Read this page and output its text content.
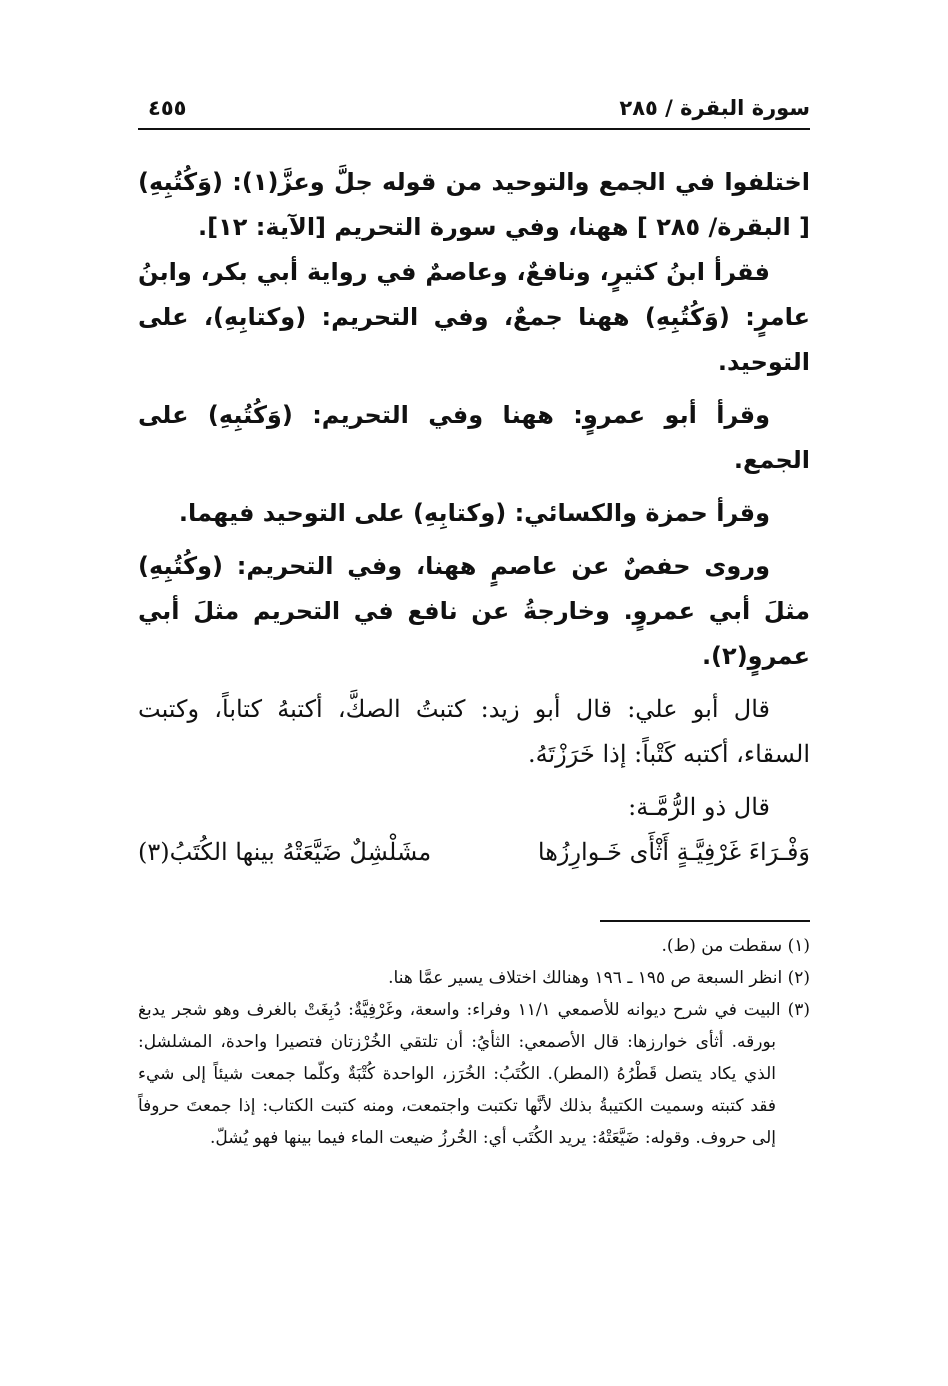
سورة البقرة / ٢٨٥
٤٥٥

اختلفوا في الجمع والتوحيد من قوله جلَّ وعزَّ(١): (وَكُتُبِهِ) [ البقرة/ ٢٨٥ ] ههنا، وفي سورة التحريم [الآية: ١٢].

فقرأ ابنُ كثيرٍ، ونافعٌ، وعاصمٌ في رواية أبي بكر، وابنُ عامرٍ: (وَكُتُبِهِ) ههنا جمعٌ، وفي التحريم: (وكتابِهِ)، على التوحيد.

وقرأ أبو عمروٍ: ههنا وفي التحريم: (وَكُتُبِهِ) على الجمع.

وقرأ حمزة والكسائي: (وكتابِهِ) على التوحيد فيهما.

وروى حفصٌ عن عاصمٍ ههنا، وفي التحريم: (وكُتُبِهِ) مثلَ أبي عمروٍ. وخارجةُ عن نافع في التحريم مثلَ أبي عمروٍ(٢).

قال أبو علي: قال أبو زيد: كتبتُ الصكَّ، أكتبهُ كتاباً، وكتبت السقاء، أكتبه كَتْباً: إذا خَرَزْتَهُ.

قال ذو الرُّمَّـة:

وَفْـرَاءَ غَرْفِيَّـةٍ أَثْأَى خَـوارِزُها
مشَلْشِلٌ ضَيَّعَتْهُ بينها الكُتَبُ(٣)

(١) سقطت من (ط).

(٢) انظر السبعة ص ١٩٥ ـ ١٩٦ وهنالك اختلاف يسير عمَّا هنا.

(٣) البيت في شرح ديوانه للأصمعي ١١/١ وفراء: واسعة، وغَرْفِيَّةٌ: دُبِغَتْ بالغرف وهو شجر يدبغ بورقه. أثأى خوارزها: قال الأصمعي: الثأيُ: أن تلتقي الخُرْزتان فتصيرا واحدة، المشلشل: الذي يكاد يتصل قَطْرُهُ (المطر). الكُتَبُ: الخُرَز، الواحدة كُتْبَةٌ وكلّما جمعت شيئاً إلى شيء فقد كتبته وسميت الكتيبةُ بذلك لأنَّها تكتبت واجتمعت، ومنه كتبت الكتاب: إذا جمعتَ حروفاً إلى حروف. وقوله: ضَيَّعَتْهُ: يريد الكُتَب أي: الخُرزُ ضيعت الماء فيما بينها فهو يُشلّ.
